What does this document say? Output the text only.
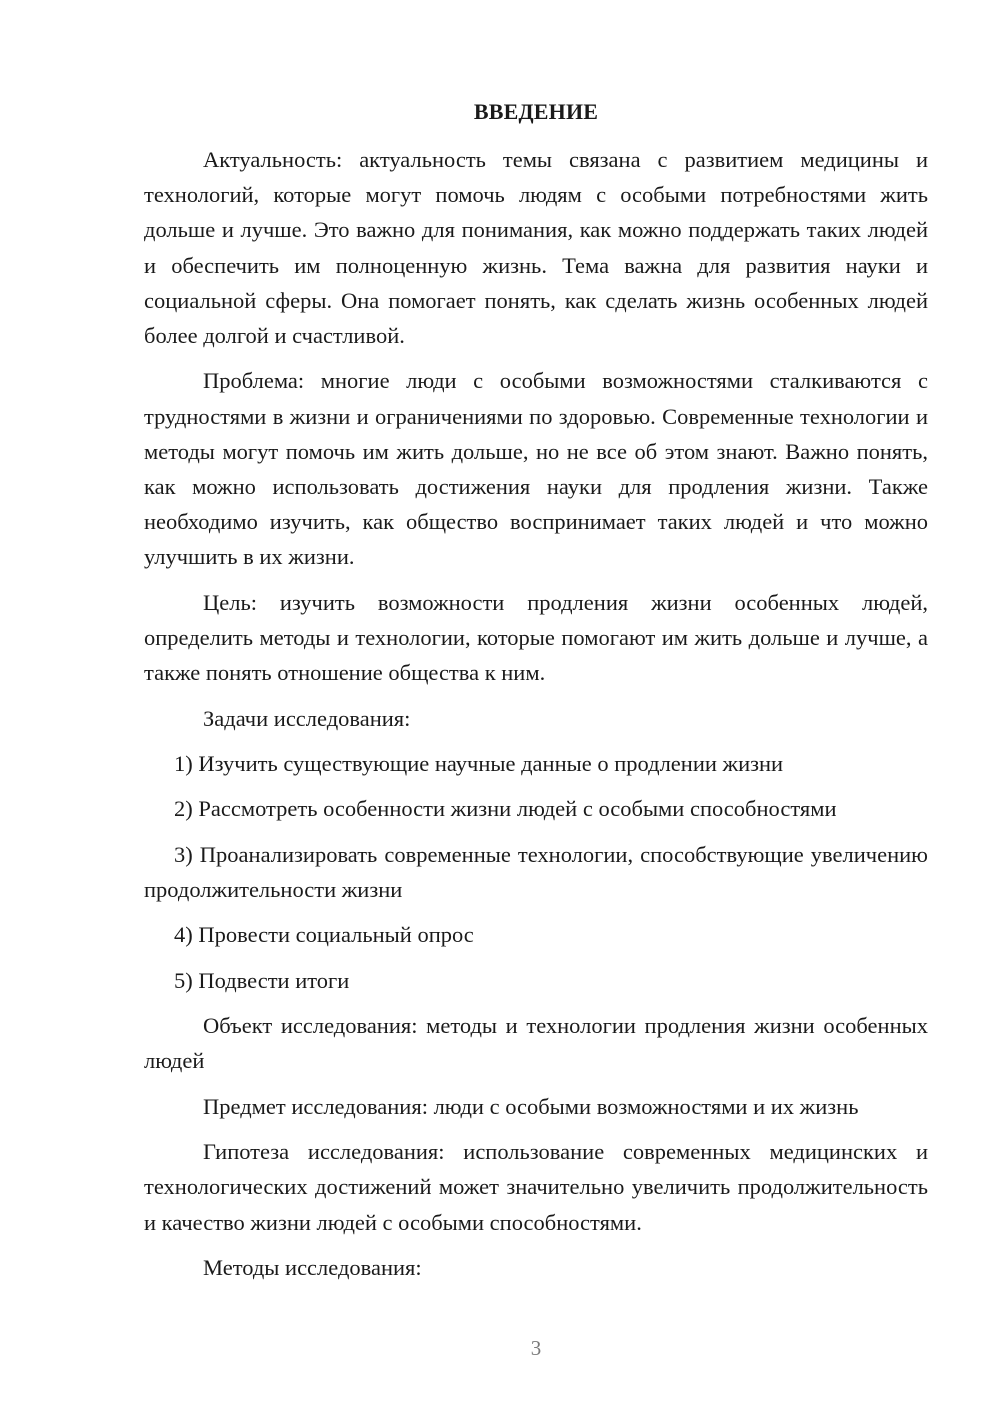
ВВЕДЕНИЕ

Актуальность: актуальность темы связана с развитием медицины и технологий, которые могут помочь людям с особыми потребностями жить дольше и лучше. Это важно для понимания, как можно поддержать таких людей и обеспечить им полноценную жизнь. Тема важна для развития науки и социальной сферы. Она помогает понять, как сделать жизнь особенных людей более долгой и счастливой.

Проблема: многие люди с особыми возможностями сталкиваются с трудностями в жизни и ограничениями по здоровью. Современные технологии и методы могут помочь им жить дольше, но не все об этом знают. Важно понять, как можно использовать достижения науки для продления жизни. Также необходимо изучить, как общество воспринимает таких людей и что можно улучшить в их жизни.

Цель: изучить возможности продления жизни особенных людей, определить методы и технологии, которые помогают им жить дольше и лучше, а также понять отношение общества к ним.

Задачи исследования:

1) Изучить существующие научные данные о продлении жизни

2) Рассмотреть особенности жизни людей с особыми способностями

3) Проанализировать современные технологии, способствующие увеличению продолжительности жизни

4) Провести социальный опрос

5) Подвести итоги

Объект исследования: методы и технологии продления жизни особенных людей

Предмет исследования: люди с особыми возможностями и их жизнь

Гипотеза исследования: использование современных медицинских и технологических достижений может значительно увеличить продолжительность и качество жизни людей с особыми способностями.

Методы исследования:

3
